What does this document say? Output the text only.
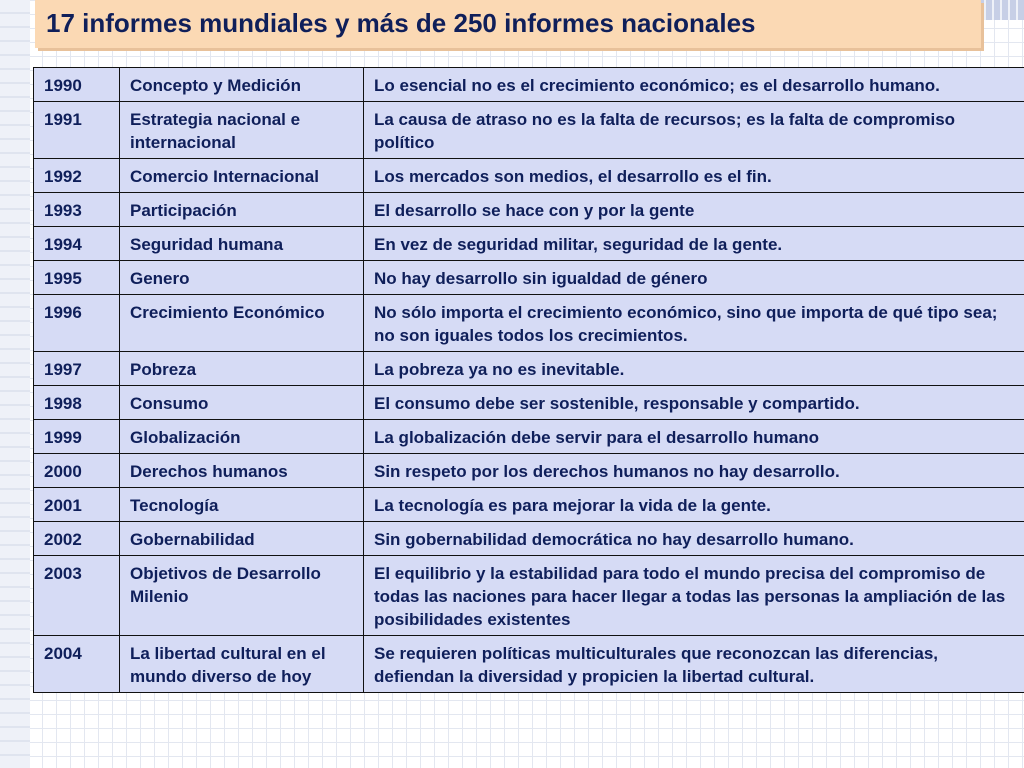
17 informes mundiales y más de 250 informes nacionales
1990	Concepto y Medición	Lo esencial no es el crecimiento económico; es el desarrollo humano.
1991	Estrategia nacional e internacional	La causa de atraso no es la falta de recursos; es la falta de compromiso político
1992	Comercio Internacional	Los mercados son medios, el desarrollo es el fin.
1993	Participación	El desarrollo se hace con y por la gente
1994	Seguridad humana	En vez de seguridad militar, seguridad de la gente.
1995	Genero	No hay desarrollo sin igualdad de género
1996	Crecimiento Económico	No sólo importa el crecimiento económico, sino que importa de qué tipo sea; no son iguales todos los crecimientos.
1997	Pobreza	La pobreza ya no es inevitable.
1998	Consumo	El consumo debe ser sostenible, responsable y compartido.
1999	Globalización	La globalización debe servir para el desarrollo humano
2000	Derechos humanos	Sin respeto por los derechos humanos no hay desarrollo.
2001	Tecnología	La tecnología es para mejorar la vida de la gente.
2002	Gobernabilidad	Sin gobernabilidad democrática no hay desarrollo humano.
2003	Objetivos de Desarrollo Milenio	El equilibrio y la estabilidad para todo el mundo precisa del compromiso de todas las naciones para hacer llegar a todas las personas la ampliación de las posibilidades existentes
2004	La libertad cultural en el mundo diverso de hoy	Se requieren políticas multiculturales que reconozcan las diferencias, defiendan la diversidad y propicien la libertad cultural.
